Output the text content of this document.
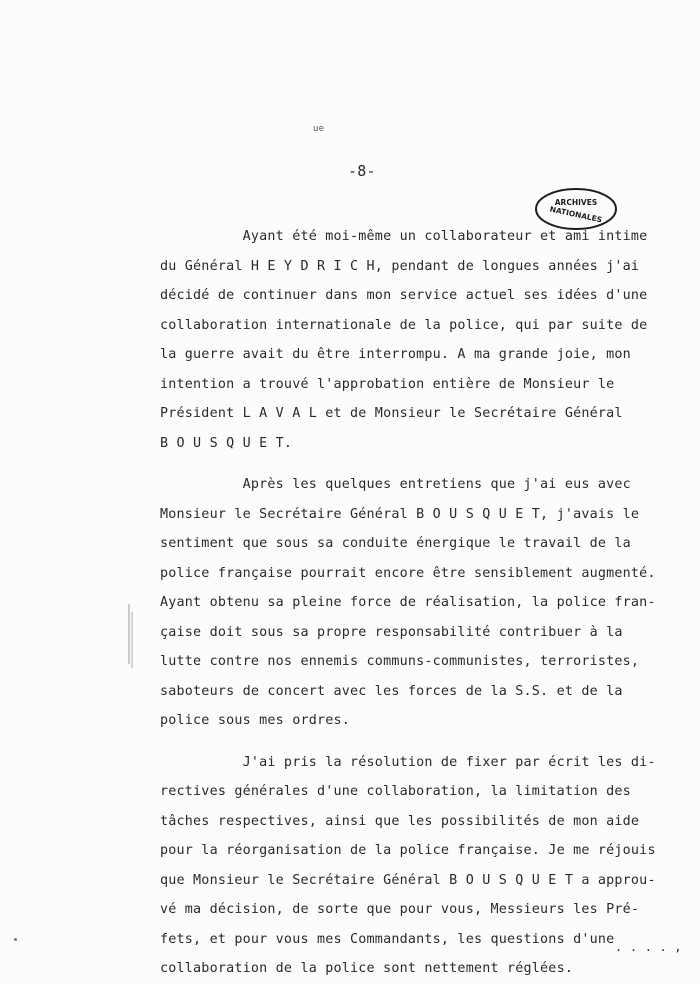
ue
-8-
ARCHIVES
NATIONALES
Ayant été moi-même un collaborateur et ami intime
du Général H E Y D R I C H, pendant de longues années j'ai
décidé de continuer dans mon service actuel ses idées d'une
collaboration internationale de la police, qui par suite de
la guerre avait du être interrompu. A ma grande joie, mon
intention a trouvé l'approbation entière de Monsieur le
Président L A V A L et de Monsieur le Secrétaire Général
B O U S Q U E T.
Après les quelques entretiens que j'ai eus avec
Monsieur le Secrétaire Général B O U S Q U E T, j'avais le
sentiment que sous sa conduite énergique le travail de la
police française pourrait encore être sensiblement augmenté.
Ayant obtenu sa pleine force de réalisation, la police fran-
çaise doit sous sa propre responsabilité contribuer à la
lutte contre nos ennemis communs-communistes, terroristes,
saboteurs de concert avec les forces de la S.S. et de la
police sous mes ordres.
J'ai pris la résolution de fixer par écrit les di-
rectives générales d'une collaboration, la limitation des
tâches respectives, ainsi que les possibilités de mon aide
pour la réorganisation de la police française. Je me réjouis
que Monsieur le Secrétaire Général B O U S Q U E T a approu-
vé ma décision, de sorte que pour vous, Messieurs les Pré-
fets, et pour vous mes Commandants, les questions d'une
collaboration de la police sont nettement réglées.
. . . . ,
